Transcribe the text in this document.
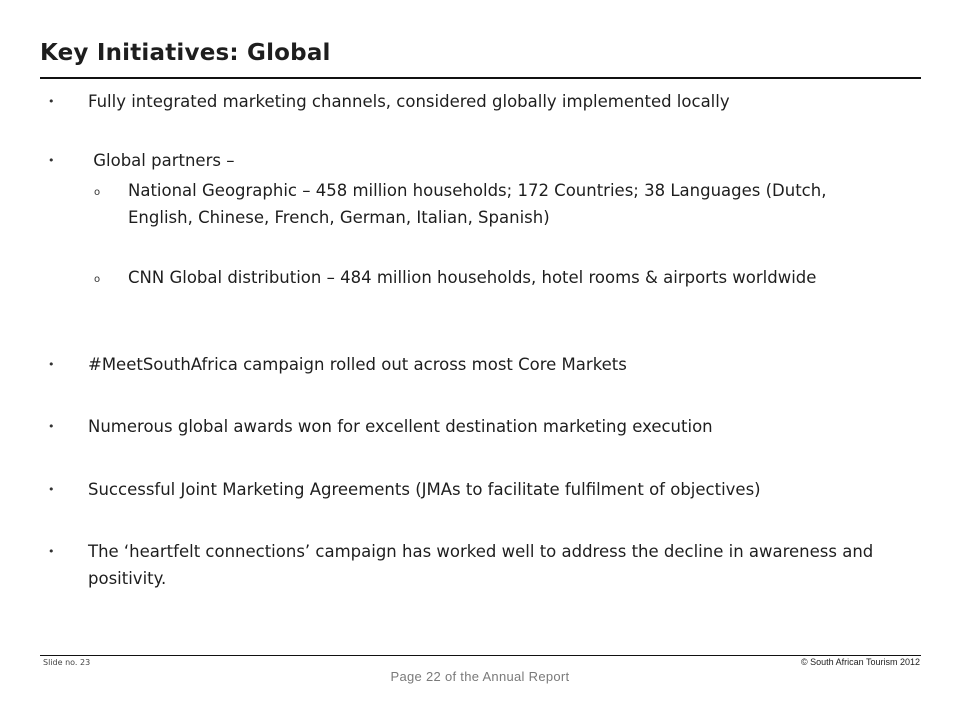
Key Initiatives: Global
• Fully integrated marketing channels, considered globally implemented locally
• Global partners –
o National Geographic – 458 million households; 172 Countries; 38 Languages (Dutch, English, Chinese, French, German, Italian, Spanish)
o CNN Global distribution – 484 million households, hotel rooms & airports worldwide
• #MeetSouthAfrica campaign rolled out across most Core Markets
• Numerous global awards won for excellent destination marketing execution
• Successful Joint Marketing Agreements (JMAs to facilitate fulfilment of objectives)
• The ‘heartfelt connections’ campaign has worked well to address the decline in awareness and positivity.
Slide no. 23	© South African Tourism 2012
Page 22 of the Annual Report
